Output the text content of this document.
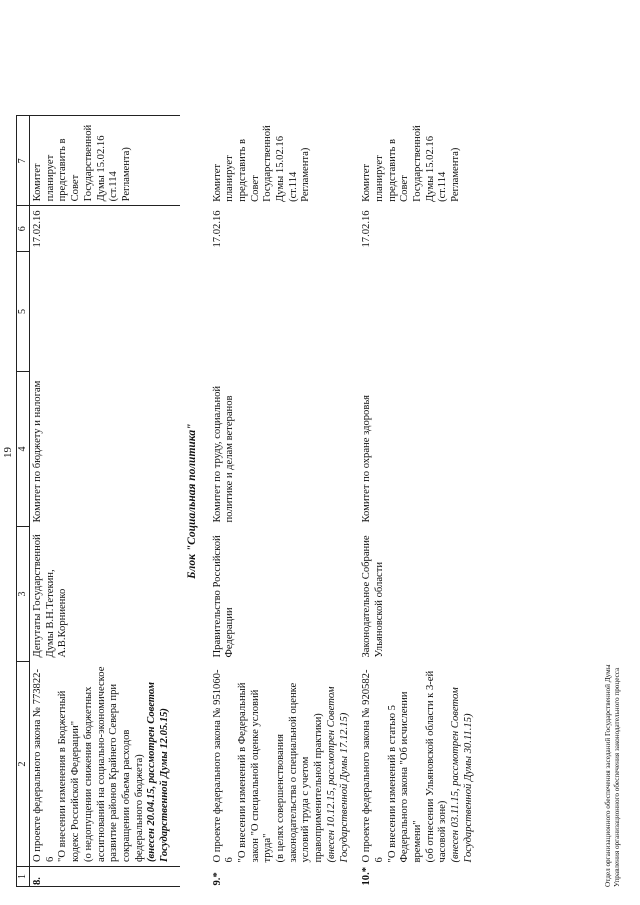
19
1	2	3	4	5	6	7
8.	О проекте федерального закона № 773822-6 "О внесении изменения в Бюджетный кодекс Российской Федерации" (о недопущении снижения бюджетных ассигнований на социально-экономическое развитие районов Крайнего Севера при сокращении объема расходов федерального бюджета) (внесен 20.04.15, рассмотрен Советом Государственной Думы 12.05.15)	Депутаты Государственной Думы В.Н.Тетекин, А.В.Корниенко	Комитет по бюджету и налогам		17.02.16	Комитет планирует представить в Совет Государственной Думы 15.02.16 (ст.114 Регламента)
Блок "Социальная политика"						
9.*	О проекте федерального закона № 951060-6 "О внесении изменений в Федеральный закон "О специальной оценке условий труда" (в целях совершенствования законодательства о специальной оценке условий труда с учетом правоприменительной практики) (внесен 10.12.15, рассмотрен Советом Государственной Думы 17.12.15)	Правительство Российской Федерации	Комитет по труду, социальной политике и делам ветеранов		17.02.16	Комитет планирует представить в Совет Государственной Думы 15.02.16 (ст.114 Регламента)
10.*	О проекте федерального закона № 920582-6 "О внесении изменений в статью 5 Федерального закона "Об исчислении времени" (об отнесении Ульяновской области к 3-ей часовой зоне) (внесен 03.11.15, рассмотрен Советом Государственной Думы 30.11.15)	Законодательное Собрание Ульяновской области	Комитет по охране здоровья		17.02.16	Комитет планирует представить в Совет Государственной Думы 15.02.16 (ст.114 Регламента)
Отдел организационного обеспечения заседаний Государственной Думы Управления организационного обеспечения законодательного процесса
